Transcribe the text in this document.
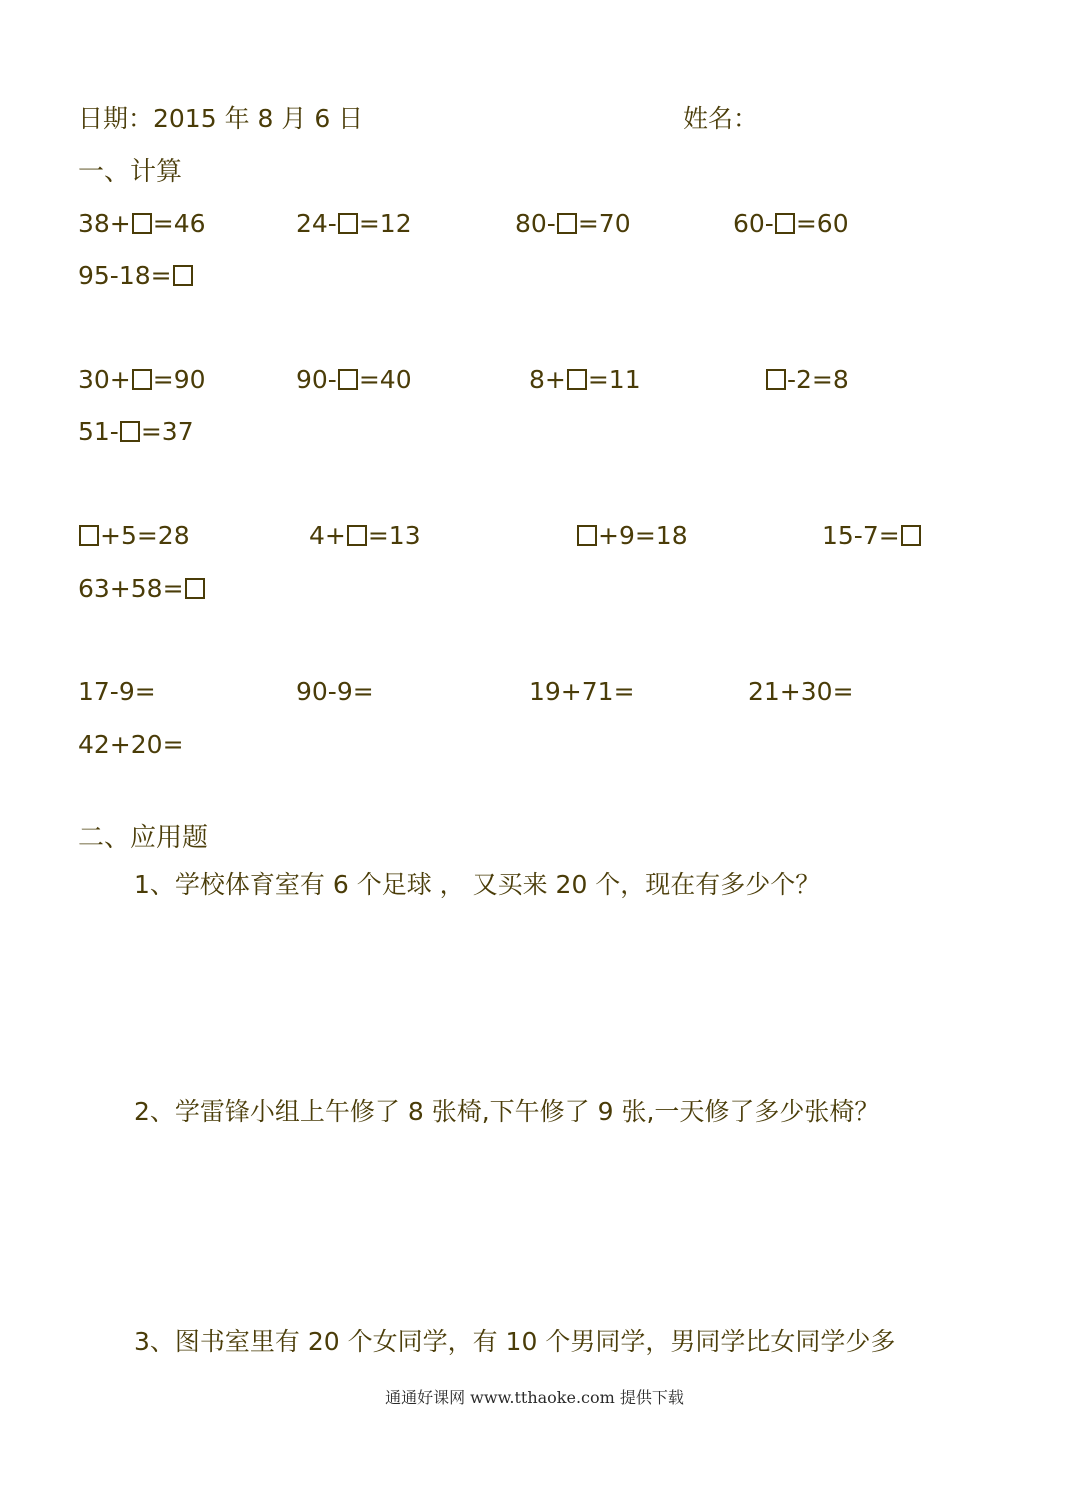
日期：2015 年 8 月 6 日	姓名：
一、计算
38+ =46	24- =12	80- =70	60- =60
95-18=
30+ =90	90- =40	8+ =11	-2=8
51- =37
+5=28	4+ =13	+9=18	15-7=
63+58=
17-9=	90-9=	19+71=	21+30=
42+20=
二、应用题
1、学校体育室有 6 个足球 ， 又买来 20 个，现在有多少个？
2、学雷锋小组上午修了 8 张椅,下午修了 9 张,一天修了多少张椅？
3、图书室里有 20 个女同学，有 10 个男同学，男同学比女同学少多
通通好课网 www.tthaoke.com 提供下载
